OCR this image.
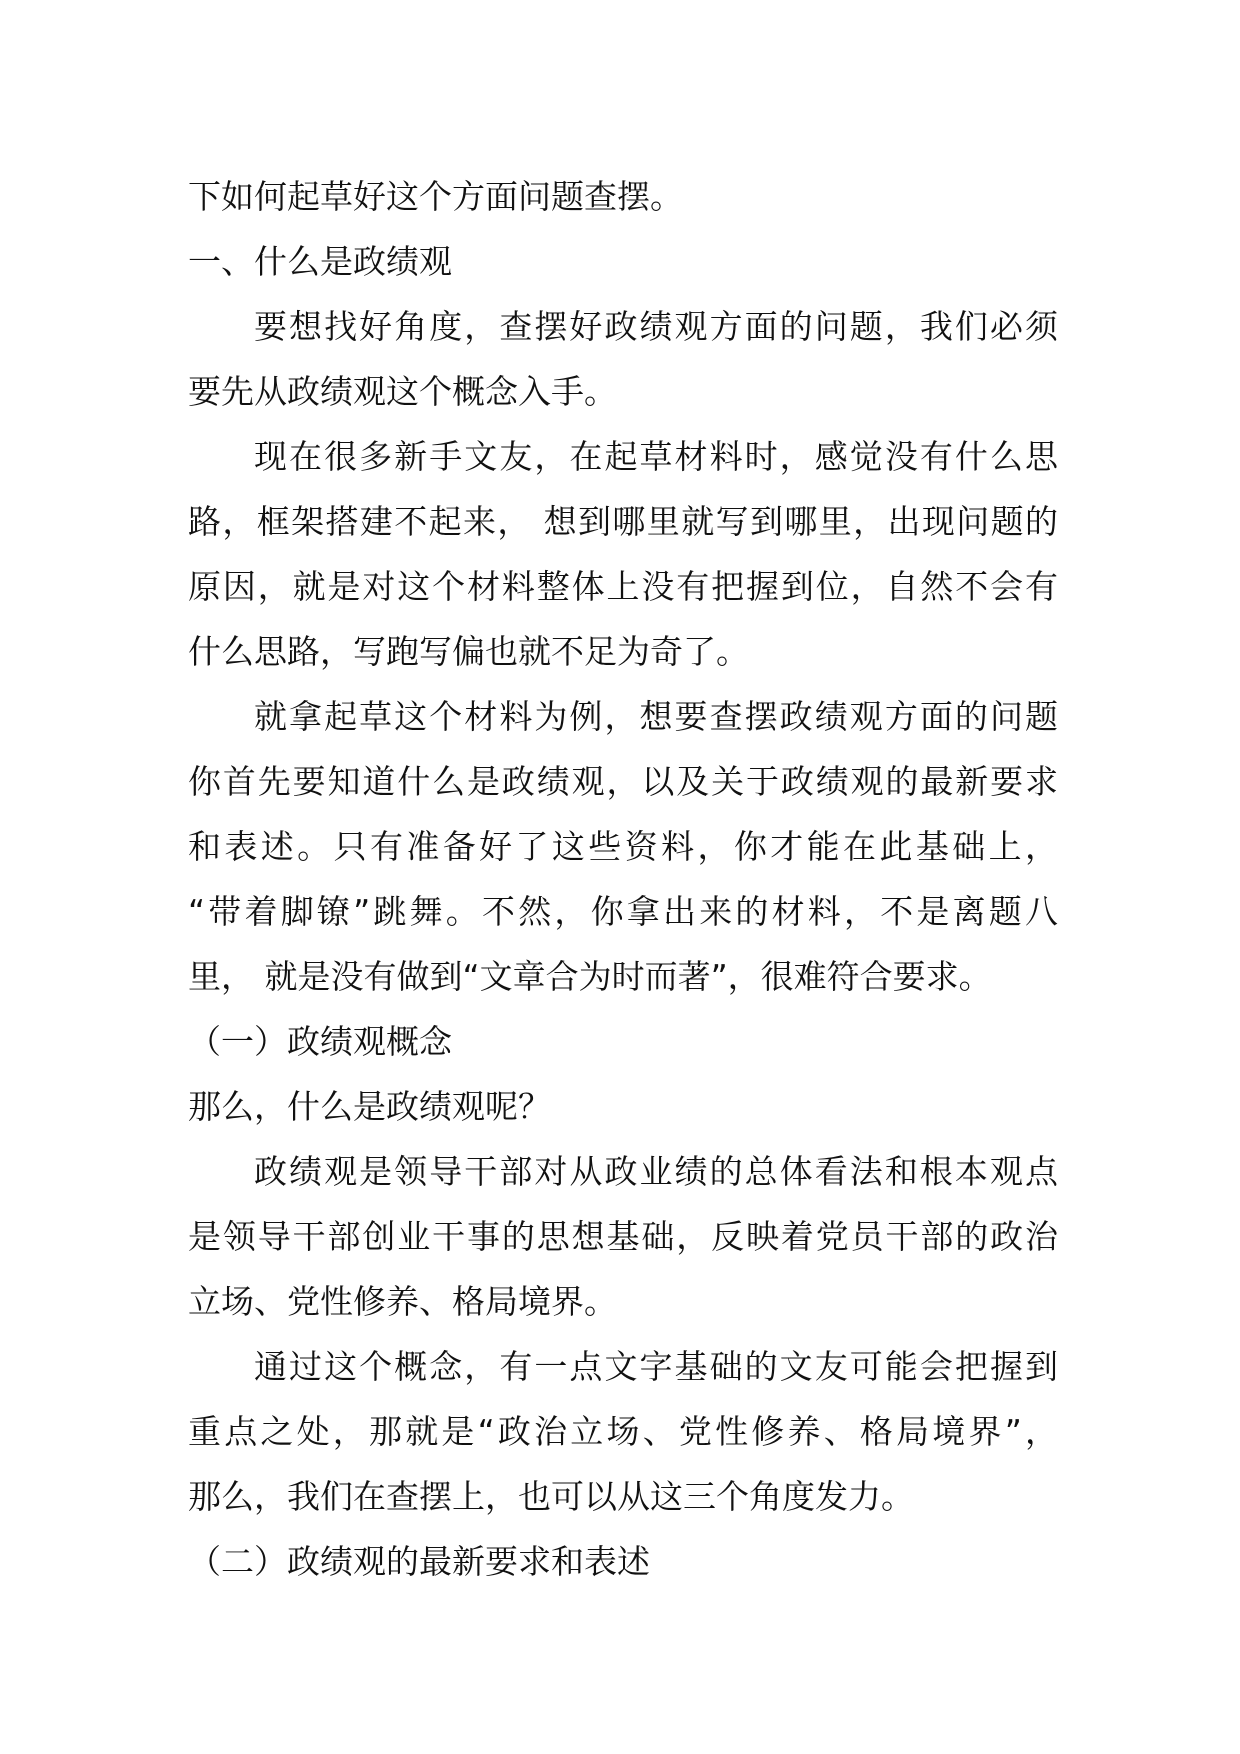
下如何起草好这个方面问题查摆。
一、什么是政绩观
要想找好角度，查摆好政绩观方面的问题，我们必须
要先从政绩观这个概念入手。
现在很多新手文友，在起草材料时，感觉没有什么思
路，框架搭建不起来， 想到哪里就写到哪里，出现问题的
原因，就是对这个材料整体上没有把握到位，自然不会有
什么思路，写跑写偏也就不足为奇了。
就拿起草这个材料为例，想要查摆政绩观方面的问题
你首先要知道什么是政绩观，以及关于政绩观的最新要求
和表述。只有准备好了这些资料，你才能在此基础上，
“带着脚镣”跳舞。不然，你拿出来的材料，不是离题八
里， 就是没有做到“文章合为时而著”，很难符合要求。
（一）政绩观概念
那么，什么是政绩观呢？
政绩观是领导干部对从政业绩的总体看法和根本观点
是领导干部创业干事的思想基础，反映着党员干部的政治
立场、党性修养、格局境界。
通过这个概念，有一点文字基础的文友可能会把握到
重点之处，那就是“政治立场、党性修养、格局境界”，
那么，我们在查摆上，也可以从这三个角度发力。
（二）政绩观的最新要求和表述
